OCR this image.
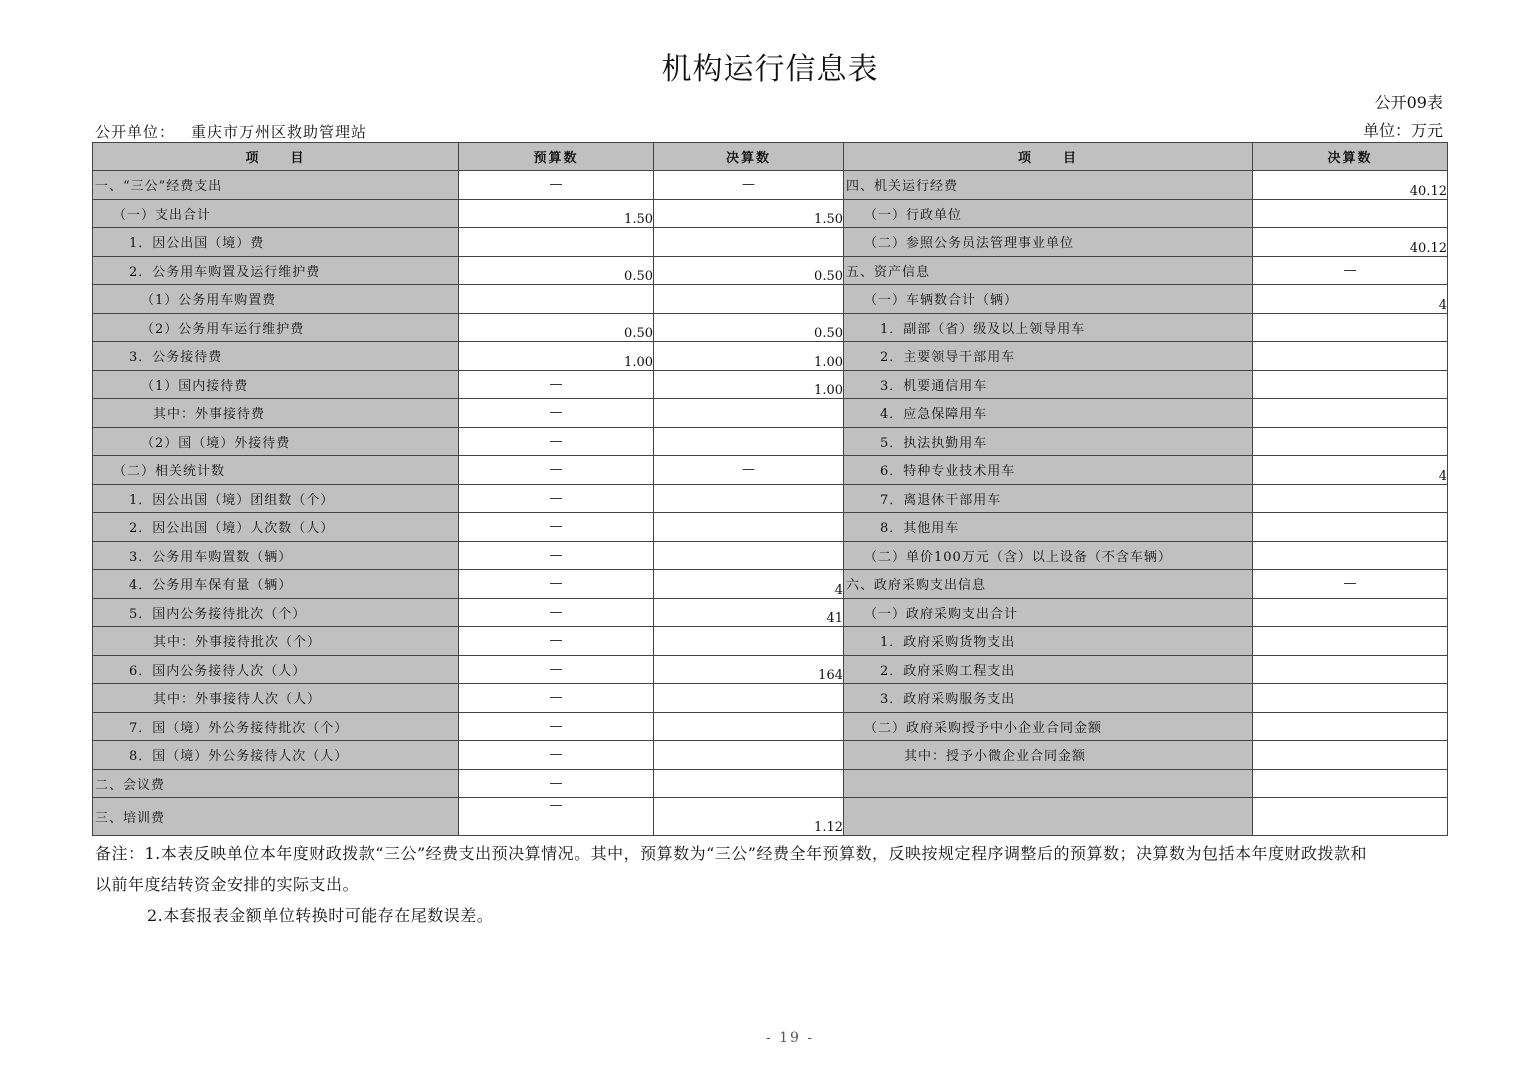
机构运行信息表
公开09表
单位：万元
公开单位： 重庆市万州区救助管理站
项　　目	预算数	决算数	项　　目	决算数
一、“三公”经费支出	—	—	四、机关运行经费	40.12
（一）支出合计	1.50	1.50	（一）行政单位	
1．因公出国（境）费			（二）参照公务员法管理事业单位	40.12
2．公务用车购置及运行维护费	0.50	0.50	五、资产信息	—
（1）公务用车购置费			（一）车辆数合计（辆）	4
（2）公务用车运行维护费	0.50	0.50	1．副部（省）级及以上领导用车	
3．公务接待费	1.00	1.00	2．主要领导干部用车	
（1）国内接待费	—	1.00	3．机要通信用车	
其中：外事接待费	—		4．应急保障用车	
（2）国（境）外接待费	—		5．执法执勤用车	
（二）相关统计数	—	—	6．特种专业技术用车	4
1．因公出国（境）团组数（个）	—		7．离退休干部用车	
2．因公出国（境）人次数（人）	—		8．其他用车	
3．公务用车购置数（辆）	—		（二）单价100万元（含）以上设备（不含车辆）	
4．公务用车保有量（辆）	—	4	六、政府采购支出信息	—
5．国内公务接待批次（个）	—	41	（一）政府采购支出合计	
其中：外事接待批次（个）	—		1．政府采购货物支出	
6．国内公务接待人次（人）	—	164	2．政府采购工程支出	
其中：外事接待人次（人）	—		3．政府采购服务支出	
7．国（境）外公务接待批次（个）	—		（二）政府采购授予中小企业合同金额	
8．国（境）外公务接待人次（人）	—		其中：授予小微企业合同金额	
二、会议费	—			
三、培训费	—	1.12		

备注：1.本表反映单位本年度财政拨款“三公”经费支出预决算情况。其中，预算数为“三公”经费全年预算数，反映按规定程序调整后的预算数；决算数为包括本年度财政拨款和

以前年度结转资金安排的实际支出。

2.本套报表金额单位转换时可能存在尾数误差。

- 19 -
